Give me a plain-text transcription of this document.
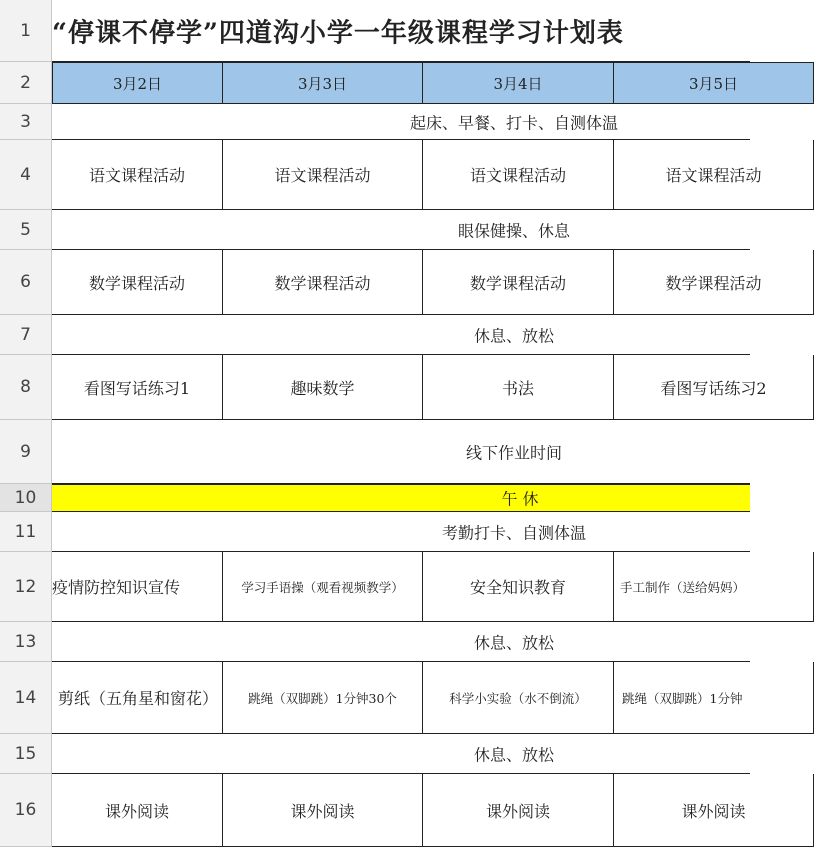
1
2
3
4
5
6
7
8
9
10
11
12
13
14
15
16
“停课不停学”四道沟小学一年级课程学习计划表
3月2日	3月3日	3月4日	3月5日
起床、早餐、打卡、自测体温
语文课程活动	语文课程活动	语文课程活动	语文课程活动
眼保健操、休息
数学课程活动	数学课程活动	数学课程活动	数学课程活动
休息、放松
看图写话练习1	趣味数学	书法	看图写话练习2
线下作业时间
午 休
考勤打卡、自测体温
疫情防控知识宣传	学习手语操（观看视频教学）	安全知识教育	手工制作（送给妈妈）
休息、放松
剪纸（五角星和窗花）	跳绳（双脚跳）1分钟30个	科学小实验（水不倒流）	跳绳（双脚跳）1分钟
休息、放松
课外阅读	课外阅读	课外阅读	课外阅读
